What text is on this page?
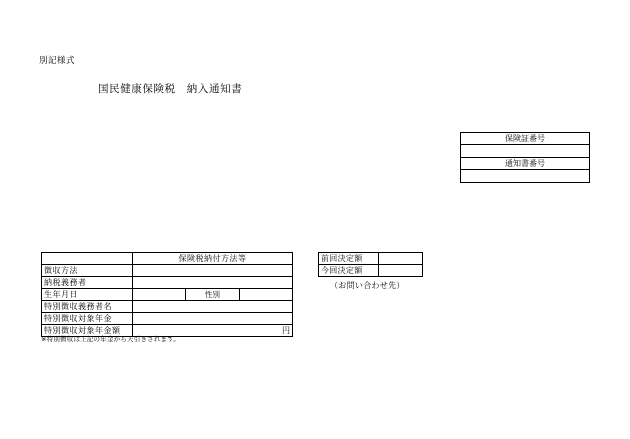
別記様式
国民健康保険税　納入通知書
保険証番号

通知書番号

	保険税納付方法等		
徴収方法			
納税義務者			
生年月日		性別	
特別徴収義務者名			
特別徴収対象年金			
特別徴収対象年金額	円		
※特別徴収は上記の年金から天引きされます。
前回決定額	
今回決定額	
（お問い合わせ先）
